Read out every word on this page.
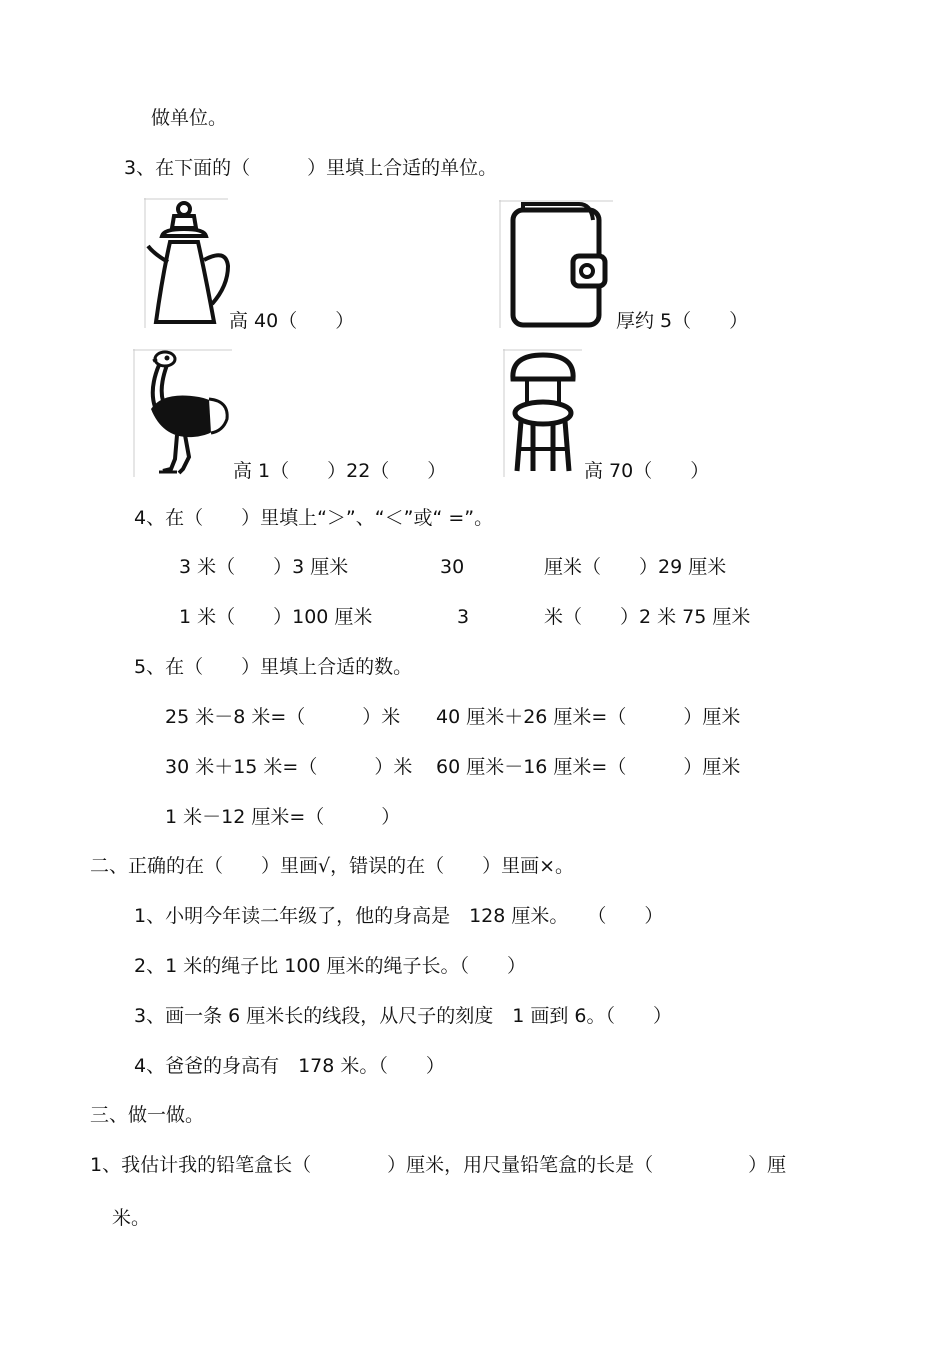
做单位。
3、在下面的（　　　）里填上合适的单位。
高 40（　　）	厚约 5（　　）
高 1（　　）22（　　）	高 70（　　）
4、在（　　）里填上“＞”、“＜”或“ =”。
3 米（　　）3 厘米	30	厘米（　　）29 厘米
1 米（　　）100 厘米	3	米（　　）2 米 75 厘米
5、在（　　）里填上合适的数。
25 米－8 米=（　　　）米 40 厘米＋26 厘米=（　　　）厘米
30 米＋15 米=（　　　）米 60 厘米－16 厘米=（　　　）厘米
1 米－12 厘米=（　　　）
二、正确的在（　　）里画√，错误的在（　　）里画×。
1、小明今年读二年级了，他的身高是　128 厘米。　　（　　）
2、1 米的绳子比 100 厘米的绳子长。（　　）
3、画一条 6 厘米长的线段，从尺子的刻度　1 画到 6。（　　）
4、爸爸的身高有　178 米。（　　）
三、做一做。
1、我估计我的铅笔盒长（　　　　）厘米，用尺量铅笔盒的长是（　　　　　）厘
米。
